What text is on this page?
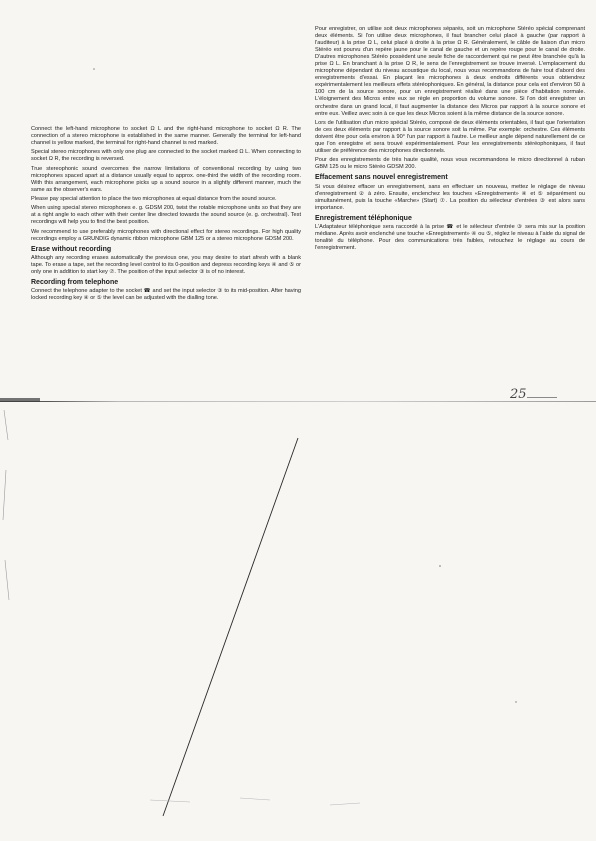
Connect the left-hand microphone to socket Ω L and the right-hand microphone to socket Ω R. The connection of a stereo microphone is established in the same manner. Generally the terminal for left-hand channel is yellow marked, the terminal for right-hand channel is red marked.

Special stereo microphones with only one plug are connected to the socket marked Ω L. When connecting to socket Ω R, the recording is reversed.

True stereophonic sound overcomes the narrow limitations of conventional recording by using two microphones spaced apart at a distance usually equal to approx. one-third the width of the recording room. With this arrangement, each microphone picks up a sound source in a slightly different manner, much the same as the observer's ears.

Please pay special attention to place the two microphones at equal distance from the sound source.

When using special stereo microphones e. g. GDSM 200, twist the rotable microphone units so that they are at a right angle to each other with their center line directed towards the sound source (e. g. orchestral). Test recordings will help you to find the best position.

We recommend to use preferably microphones with directional effect for stereo recordings. For high quality recordings employ a GRUNDIG dynamic ribbon microphone GBM 125 or a stereo microphone GDSM 200.

Erase without recording

Although any recording erases automatically the previous one, you may desire to start afresh with a blank tape. To erase a tape, set the recording level control to its 0-position and depress recording keys ④ and ⑤ or only one in addition to start key ⑦. The position of the input selector ③ is of no interest.

Recording from telephone

Connect the telephone adapter to the socket ☎ and set the input selector ③ to its mid-position. After having locked recording key ④ or ⑤ the level can be adjusted with the dialling tone.

Pour enregistrer, on utilise soit deux microphones séparés, soit un microphone Stéréo spécial comprenant deux éléments. Si l'on utilise deux microphones, il faut brancher celui placé à gauche (par rapport à l'auditeur) à la prise Ω L, celui placé à droite à la prise Ω R. Généralement, le câble de liaison d'un micro Stéréo est pourvu d'un repère jaune pour le canal de gauche et un repère rouge pour le canal de droite. D'autres microphones Stéréo possèdent une seule fiche de raccordement qui ne peut être branchée qu'à la prise Ω L. En branchant à la prise Ω R, le sens de l'enregistrement se trouve inversé. L'emplacement du microphone dépendant du niveau acoustique du local, nous vous recommandons de faire tout d'abord des enregistrements d'essai. En plaçant les microphones à deux endroits différents vous obtiendrez expérimentalement les meilleurs effets stéréophoniques. En général, la distance pour cela est d'environ 50 à 100 cm de la source sonore, pour un enregistrement réalisé dans une pièce d'habitation normale. L'éloignement des Micros entre eux se règle en proportion du volume sonore. Si l'on doit enregistrer un orchestre dans un grand local, il faut augmenter la distance des Micros par rapport à la source sonore et entre eux. Veillez avec soin à ce que les deux Micros soient à la même distance de la source sonore.

Lors de l'utilisation d'un micro spécial Stéréo, composé de deux éléments orientables, il faut que l'orientation de ces deux éléments par rapport à la source sonore soit la même. Par exemple: orchestre. Ces éléments doivent être pour cela environ à 90° l'un par rapport à l'autre. Le meilleur angle dépend naturellement de ce que l'on enregistre et sera trouvé expérimentalement. Pour les enregistrements stéréophoniques, il faut utiliser de préférence des microphones directionnels.

Pour des enregistrements de très haute qualité, nous vous recommandons le micro directionnel à ruban GBM 125 ou le micro Stéréo GDSM 200.

Effacement sans nouvel enregistrement

Si vous désirez effacer un enregistrement, sans en effectuer un nouveau, mettez le réglage de niveau d'enregistrement ② à zéro. Ensuite, enclenchez les touches «Enregistrement» ④ et ⑤ séparément ou simultanément, puis la touche «Marche» (Start) ⑦. La position du sélecteur d'entrées ③ est alors sans importance.

Enregistrement téléphonique

L'Adaptateur téléphonique sera raccordé à la prise ☎ et le sélecteur d'entrée ③ sera mis sur la position médiane. Après avoir enclenché une touche «Enregistrement» ④ ou ⑤, réglez le niveau à l'aide du signal de tonalité du téléphone. Pour des communications très faibles, retouchez le réglage au cours de l'enregistrement.

25
